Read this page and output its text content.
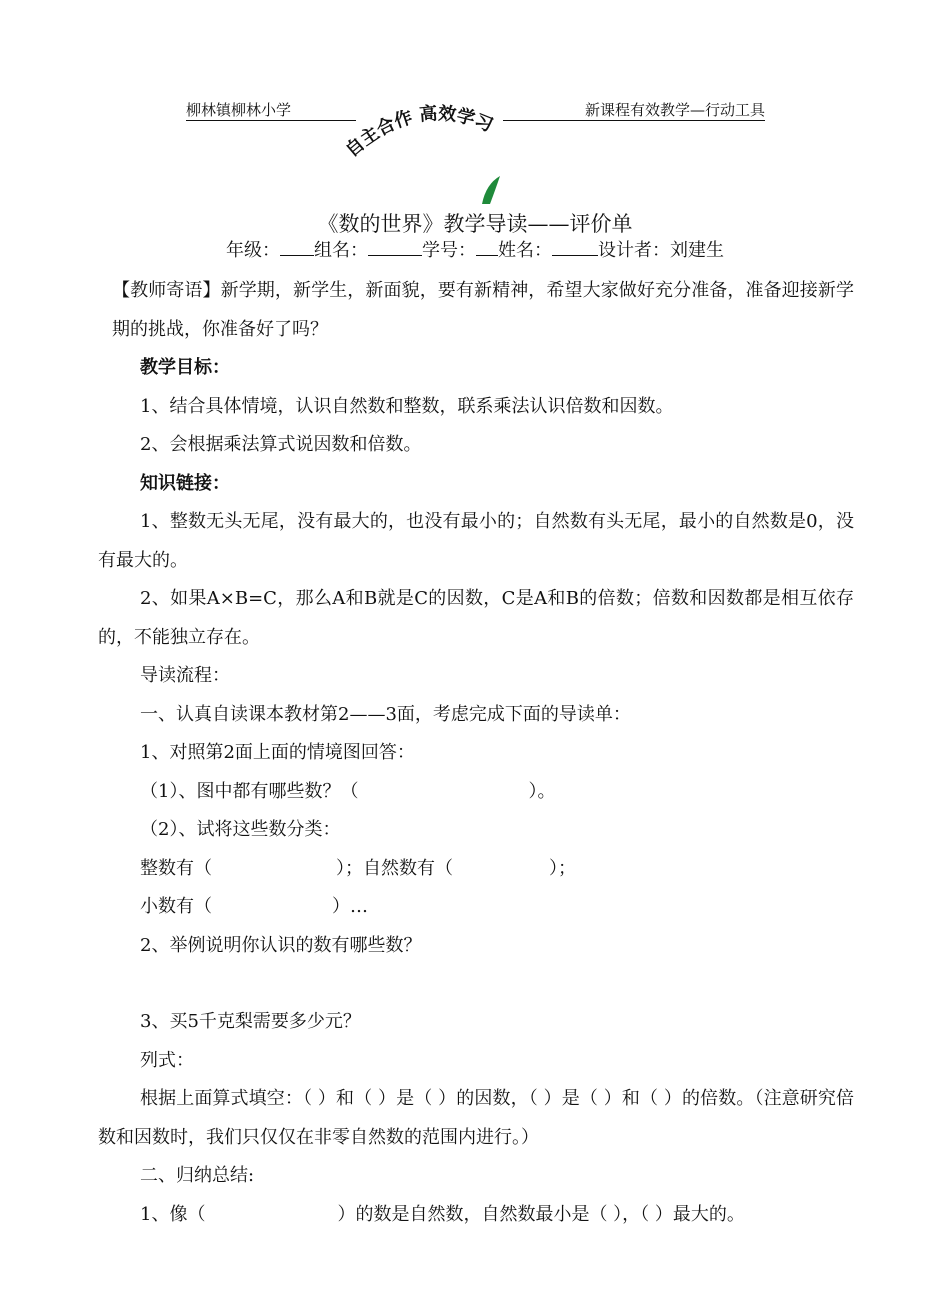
柳林镇柳林小学	新课程有效教学—行动工具
自主合作 高效学习
《数的世界》教学导读——评价单
年级： 组名：	学号： 姓名：	设计者：刘建生

【教师寄语】新学期，新学生，新面貌，要有新精神，希望大家做好充分准备，准备迎接新学期的挑战，你准备好了吗？

教学目标：

1、结合具体情境，认识自然数和整数，联系乘法认识倍数和因数。

2、会根据乘法算式说因数和倍数。

知识链接：

1、整数无头无尾，没有最大的，也没有最小的；自然数有头无尾，最小的自然数是0，没有最大的。

2、如果A×B=C，那么A和B就是C的因数，C是A和B的倍数；倍数和因数都是相互依存的，不能独立存在。

导读流程：

一、认真自读课本教材第2——3面，考虑完成下面的导读单：

1、对照第2面上面的情境图回答：

（1）、图中都有哪些数？（	）。

（2）、试将这些数分类：

整数有（	）；自然数有（	）；

小数有（	）…

2、举例说明你认识的数有哪些数？

3、买5千克梨需要多少元？

列式：

根据上面算式填空：（ ）和（ ）是（ ）的因数，（ ）是（ ）和（ ）的倍数。（注意研究倍数和因数时，我们只仅仅在非零自然数的范围内进行。）

二、归纳总结:

1、像（	）的数是自然数，自然数最小是（ ），（ ）最大的。
